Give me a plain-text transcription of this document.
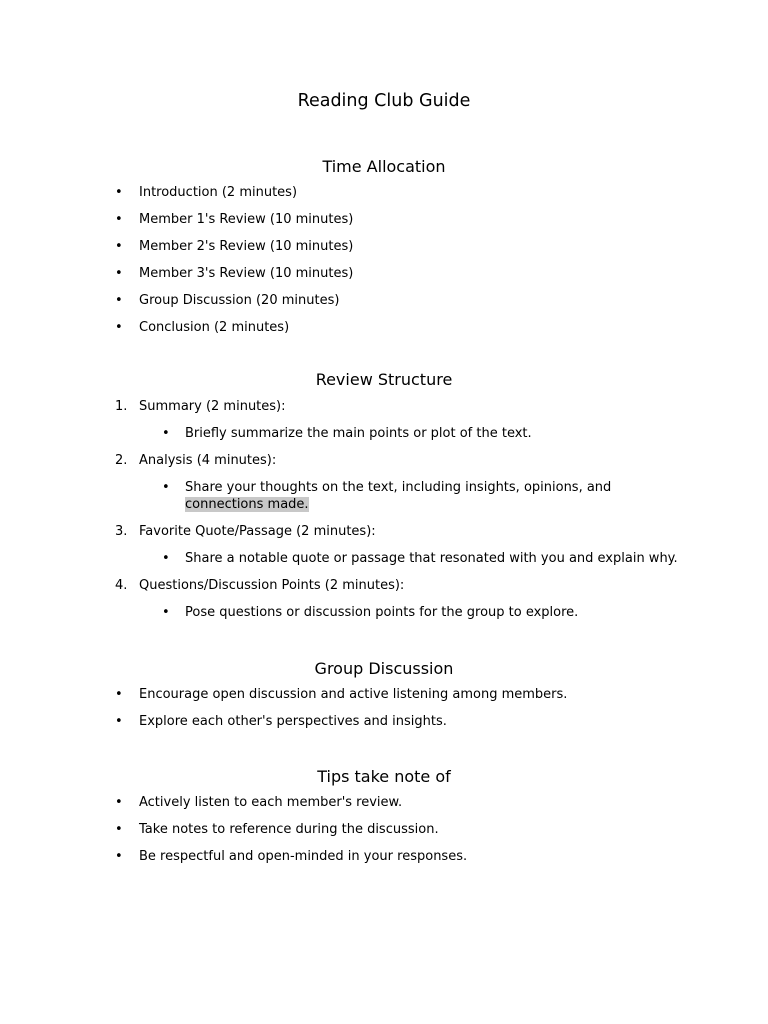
Reading Club Guide
Time Allocation
• Introduction (2 minutes)
• Member 1's Review (10 minutes)
• Member 2's Review (10 minutes)
• Member 3's Review (10 minutes)
• Group Discussion (20 minutes)
• Conclusion (2 minutes)
Review Structure
1. Summary (2 minutes):
• Briefly summarize the main points or plot of the text.
2. Analysis (4 minutes):
• Share your thoughts on the text, including insights, opinions, and
connections made.
3. Favorite Quote/Passage (2 minutes):
• Share a notable quote or passage that resonated with you and explain why.
4. Questions/Discussion Points (2 minutes):
• Pose questions or discussion points for the group to explore.
Group Discussion
• Encourage open discussion and active listening among members.
• Explore each other's perspectives and insights.
Tips take note of
• Actively listen to each member's review.
• Take notes to reference during the discussion.
• Be respectful and open-minded in your responses.
